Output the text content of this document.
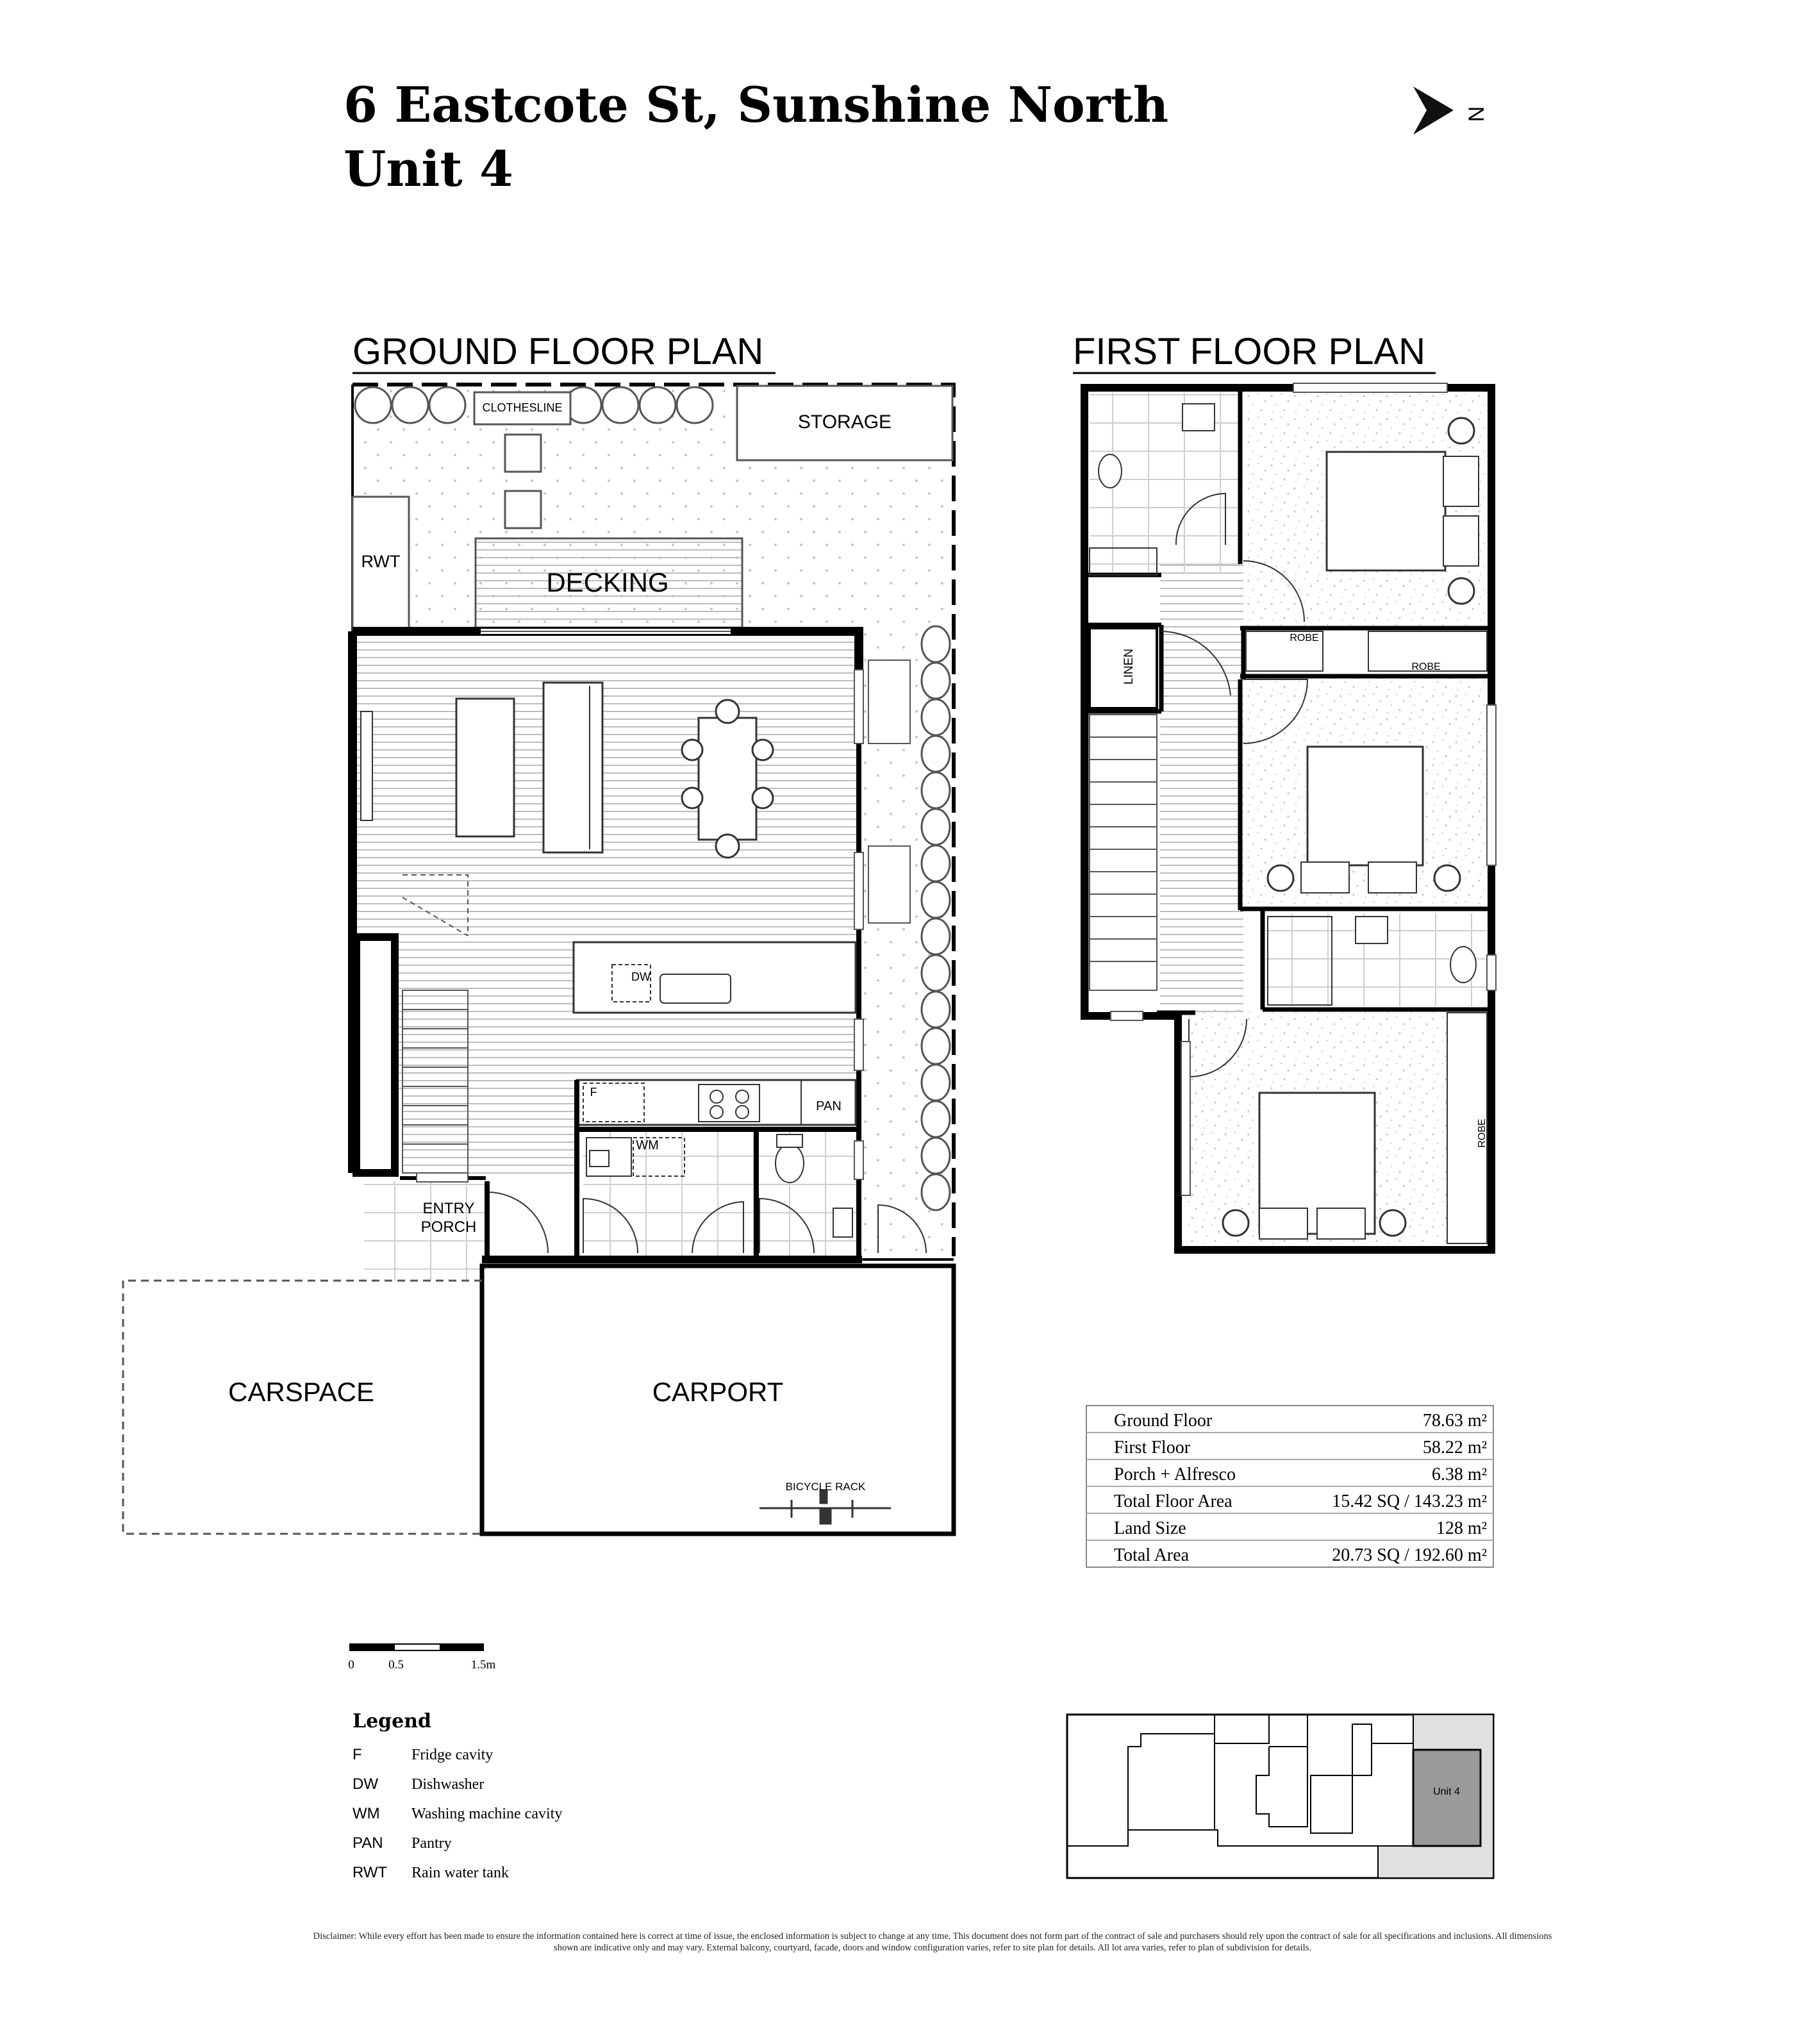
6 Eastcote St, Sunshine North
Unit 4
N
GROUND FLOOR PLAN	FIRST FLOOR PLAN
CLOTHESLINE
STORAGE
RWT
DECKING
DW
F
PAN
WM
ENTRY
PORCH
CARSPACE	CARPORT
BICYCLE RACK
LINEN
ROBE
ROBE
ROBE
Ground Floor	78.63 m²
First Floor	58.22 m²
Porch + Alfresco	6.38 m²
Total Floor Area	15.42 SQ / 143.23 m²
Land Size	128 m²
Total Area	20.73 SQ / 192.60 m²
0	0.5	1.5m
Legend
F	Fridge cavity
DW Dishwasher
WM Washing machine cavity
PAN Pantry
RWT Rain water tank
Unit 4
Disclaimer: While every effort has been made to ensure the information contained here is correct at time of issue, the enclosed information is subject to change at any time. This document does not form part of the contract of sale and purchasers should rely upon the contract of sale for all specifications and inclusions. All dimensions shown are indicative only and may vary. External balcony, courtyard, facade, doors and window configuration varies, refer to site plan for details. All lot area varies, refer to plan of subdivision for details.
